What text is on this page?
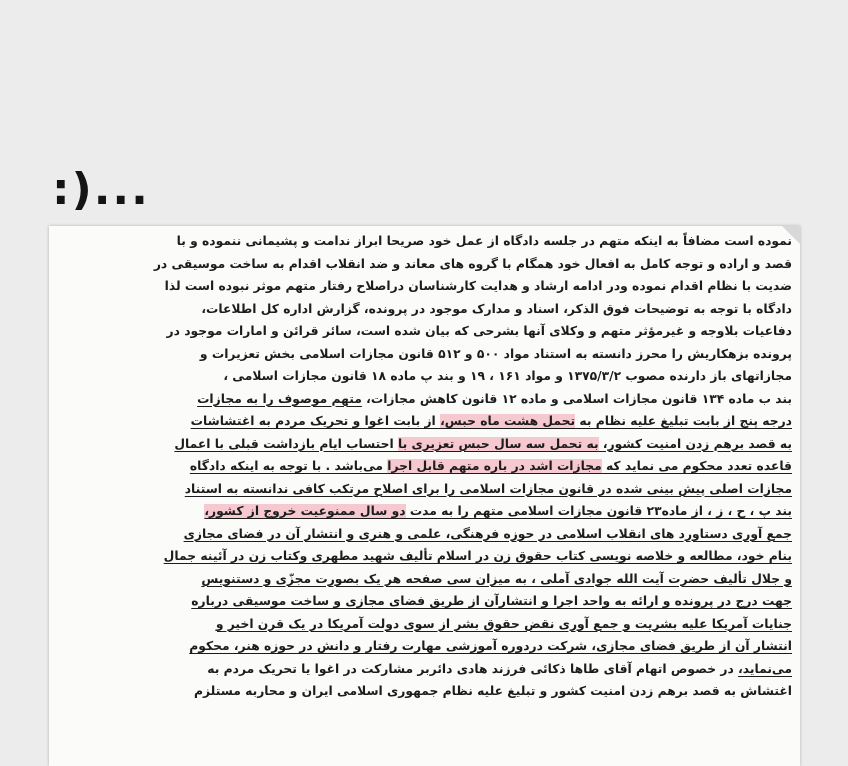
:)...
نموده است مضافاً به اینکه متهم در جلسه دادگاه از عمل خود صریحا ابراز ندامت و پشیمانی ننموده و با
قصد و اراده و توجه کامل به افعال خود همگام با گروه های معاند و ضد انقلاب اقدام به ساخت موسیقی در
ضدیت با نظام اقدام نموده ودر ادامه ارشاد و هدایت کارشناسان دراصلاح رفتار متهم موثر نبوده است لذا
دادگاه با توجه به توضیحات فوق الذکر، اسناد و مدارک موجود در پرونده، گزارش اداره کل اطلاعات،
دفاعیات بلاوجه و غیرمؤثر متهم و وکلای آنها بشرحی که بیان شده است، سائر قرائن و امارات موجود در
پرونده بزهکاریش را محرز دانسته به استناد مواد ۵۰۰ و ۵۱۲ قانون مجازات اسلامی بخش تعزیرات و
مجازاتهای باز دارنده مصوب ۱۳۷۵/۳/۲ و مواد ۱۶۱ ، ۱۹ و بند پ ماده ۱۸ قانون مجازات اسلامی ،
بند ب ماده ۱۳۴ قانون مجازات اسلامی و ماده ۱۲ قانون کاهش مجازات، متهم موصوف را به مجازات
درجه پنج از بابت تبلیغ علیه نظام به تحمل هشت ماه حبس، از بابت اغوا و تحریک مردم به اغتشاشات
به قصد برهم زدن امنیت کشور، به تحمل سه سال حبس تعزیری با احتساب ایام بازداشت قبلی با اعمال
قاعده تعدد محکوم می نماید که مجازات اشد در باره متهم قابل اجرا می‌باشد . با توجه به اینکه دادگاه
مجازات اصلی پیش بینی شده در قانون مجازات اسلامی را برای اصلاح مرتکب کافی ندانسته به استناد
بند پ ، ح ، ز ، از ماده۲۳ قانون مجازات اسلامی متهم را به مدت دو سال ممنوعیت خروج از کشور،
جمع آوری دستاورد های انقلاب اسلامی در حوزه فرهنگی، علمی و هنری و انتشار آن در فضای مجازی
بنام خود، مطالعه و خلاصه نویسی کتاب حقوق زن در اسلام تألیف شهید مطهری وکتاب زن در آئینه جمال
و جلال تألیف حضرت آیت الله جوادی آملی ، به میزان سی صفحه هر یک بصورت مجزّی و دستنویس
جهت درج در پرونده و ارائه به واحد اجرا و انتشارآن از طریق فضای مجازی و ساخت موسیقی درباره
جنایات آمریکا علیه بشریت و جمع آوری نقض حقوق بشر از سوی دولت آمریکا در یک قرن اخیر و
انتشار آن از طریق فضای مجازی، شرکت دردوره آموزشی مهارت رفتار و دانش در حوزه هنر، محکوم
می‌نماید، در خصوص اتهام آقای طاها ذکائی فرزند هادی دائربر مشارکت در اغوا یا تحریک مردم به
اغتشاش به قصد برهم زدن امنیت کشور و تبلیغ علیه نظام جمهوری اسلامی ایران و محاربه مستلزم
